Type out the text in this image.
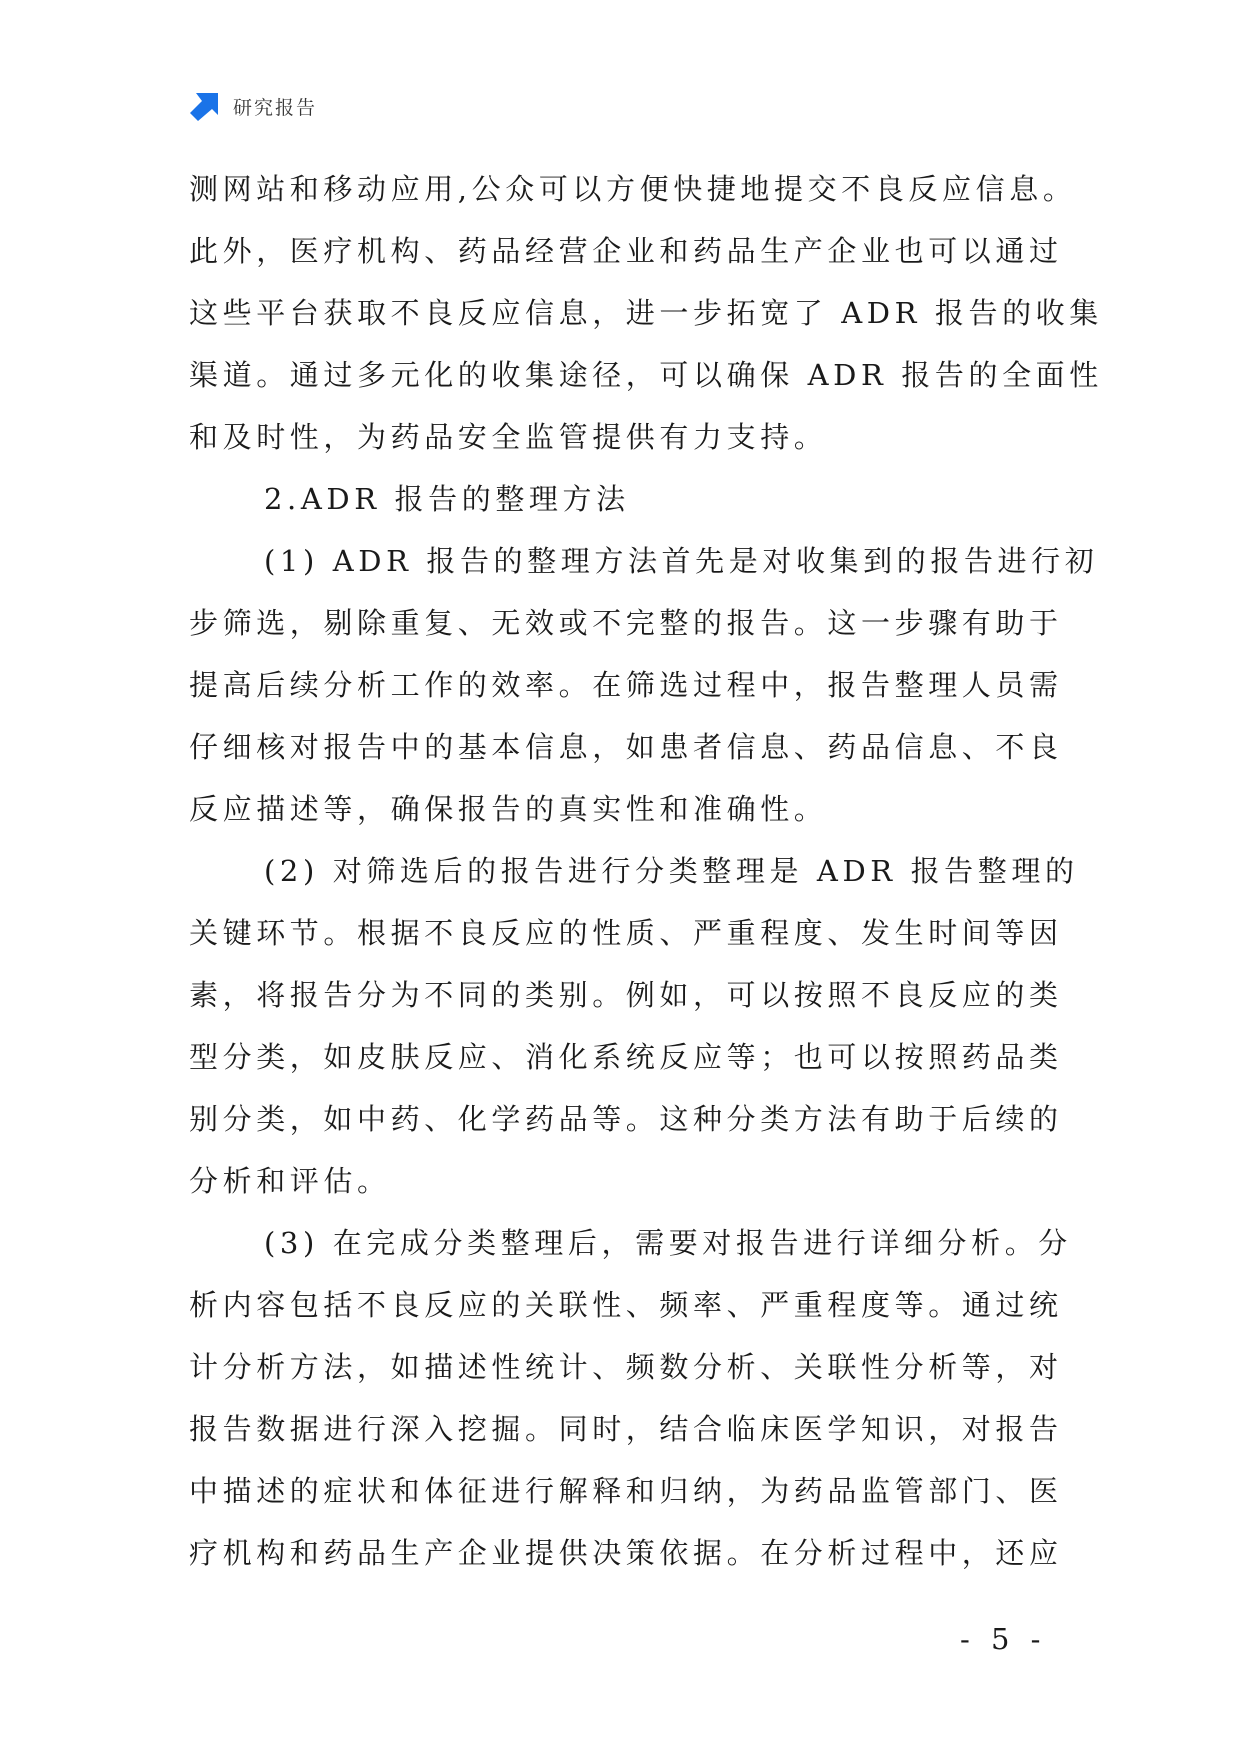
研究报告
测网站和移动应用,公众可以方便快捷地提交不良反应信息。
此外，医疗机构、药品经营企业和药品生产企业也可以通过
这些平台获取不良反应信息，进一步拓宽了 ADR 报告的收集
渠道。通过多元化的收集途径，可以确保 ADR 报告的全面性
和及时性，为药品安全监管提供有力支持。
2.ADR 报告的整理方法
(1) ADR 报告的整理方法首先是对收集到的报告进行初
步筛选，剔除重复、无效或不完整的报告。这一步骤有助于
提高后续分析工作的效率。在筛选过程中，报告整理人员需
仔细核对报告中的基本信息，如患者信息、药品信息、不良
反应描述等，确保报告的真实性和准确性。
(2) 对筛选后的报告进行分类整理是 ADR 报告整理的
关键环节。根据不良反应的性质、严重程度、发生时间等因
素，将报告分为不同的类别。例如，可以按照不良反应的类
型分类，如皮肤反应、消化系统反应等；也可以按照药品类
别分类，如中药、化学药品等。这种分类方法有助于后续的
分析和评估。
(3) 在完成分类整理后，需要对报告进行详细分析。分
析内容包括不良反应的关联性、频率、严重程度等。通过统
计分析方法，如描述性统计、频数分析、关联性分析等，对
报告数据进行深入挖掘。同时，结合临床医学知识，对报告
中描述的症状和体征进行解释和归纳，为药品监管部门、医
疗机构和药品生产企业提供决策依据。在分析过程中，还应
- 5 -
